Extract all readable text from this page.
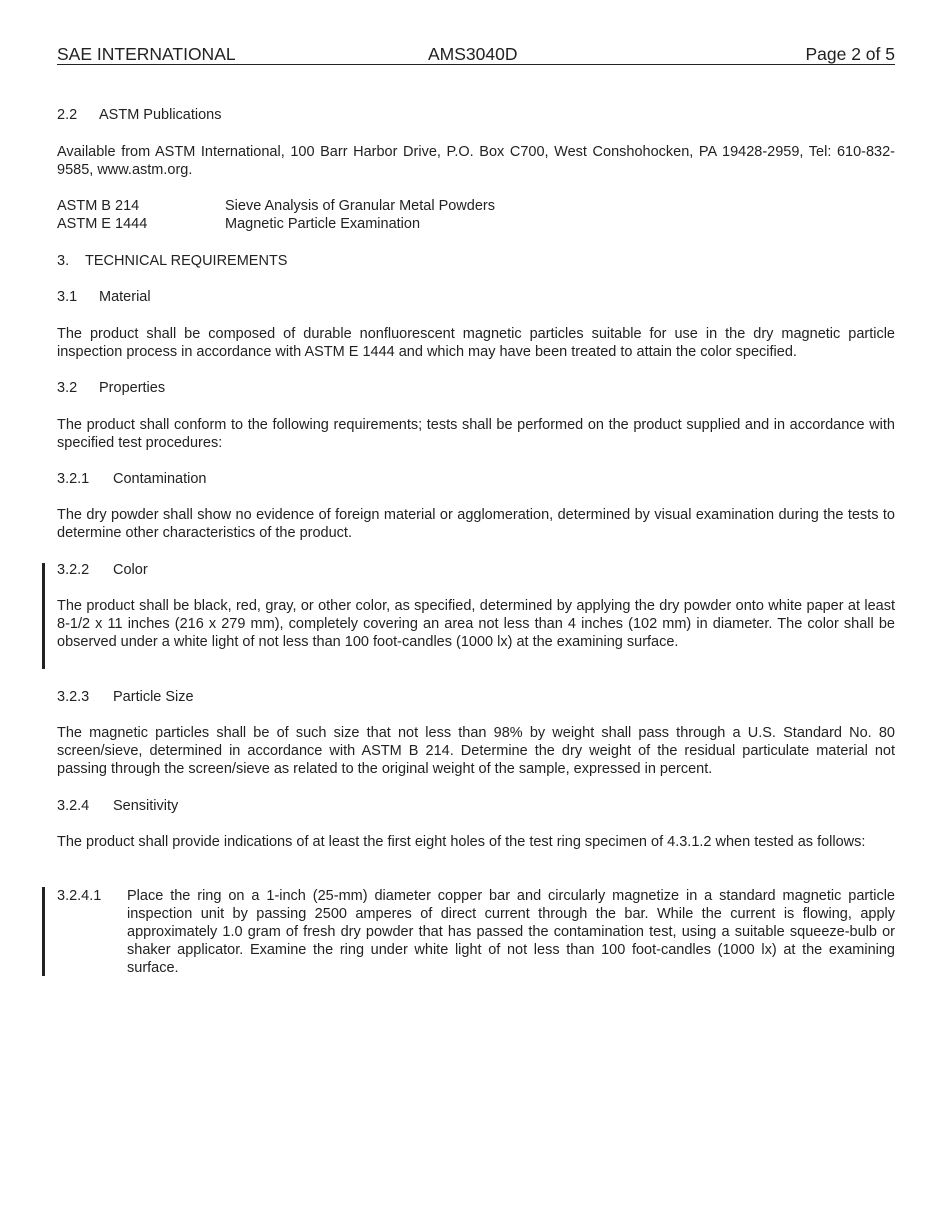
SAE INTERNATIONAL	AMS3040D	Page 2 of 5
2.2 ASTM Publications
Available from ASTM International, 100 Barr Harbor Drive, P.O. Box C700, West Conshohocken, PA 19428-2959, Tel: 610-832-9585, www.astm.org.
ASTM B 214	Sieve Analysis of Granular Metal Powders
ASTM E 1444	Magnetic Particle Examination
3. TECHNICAL REQUIREMENTS
3.1 Material
The product shall be composed of durable nonfluorescent magnetic particles suitable for use in the dry magnetic particle inspection process in accordance with ASTM E 1444 and which may have been treated to attain the color specified.
3.2 Properties
The product shall conform to the following requirements; tests shall be performed on the product supplied and in accordance with specified test procedures:
3.2.1 Contamination
The dry powder shall show no evidence of foreign material or agglomeration, determined by visual examination during the tests to determine other characteristics of the product.
3.2.2 Color
The product shall be black, red, gray, or other color, as specified, determined by applying the dry powder onto white paper at least 8-1/2 x 11 inches (216 x 279 mm), completely covering an area not less than 4 inches (102 mm) in diameter. The color shall be observed under a white light of not less than 100 foot-candles (1000 lx) at the examining surface.
3.2.3 Particle Size
The magnetic particles shall be of such size that not less than 98% by weight shall pass through a U.S. Standard No. 80 screen/sieve, determined in accordance with ASTM B 214. Determine the dry weight of the residual particulate material not passing through the screen/sieve as related to the original weight of the sample, expressed in percent.
3.2.4 Sensitivity
The product shall provide indications of at least the first eight holes of the test ring specimen of 4.3.1.2 when tested as follows:
3.2.4.1 Place the ring on a 1-inch (25-mm) diameter copper bar and circularly magnetize in a standard magnetic particle inspection unit by passing 2500 amperes of direct current through the bar. While the current is flowing, apply approximately 1.0 gram of fresh dry powder that has passed the contamination test, using a suitable squeeze-bulb or shaker applicator. Examine the ring under white light of not less than 100 foot-candles (1000 lx) at the examining surface.
